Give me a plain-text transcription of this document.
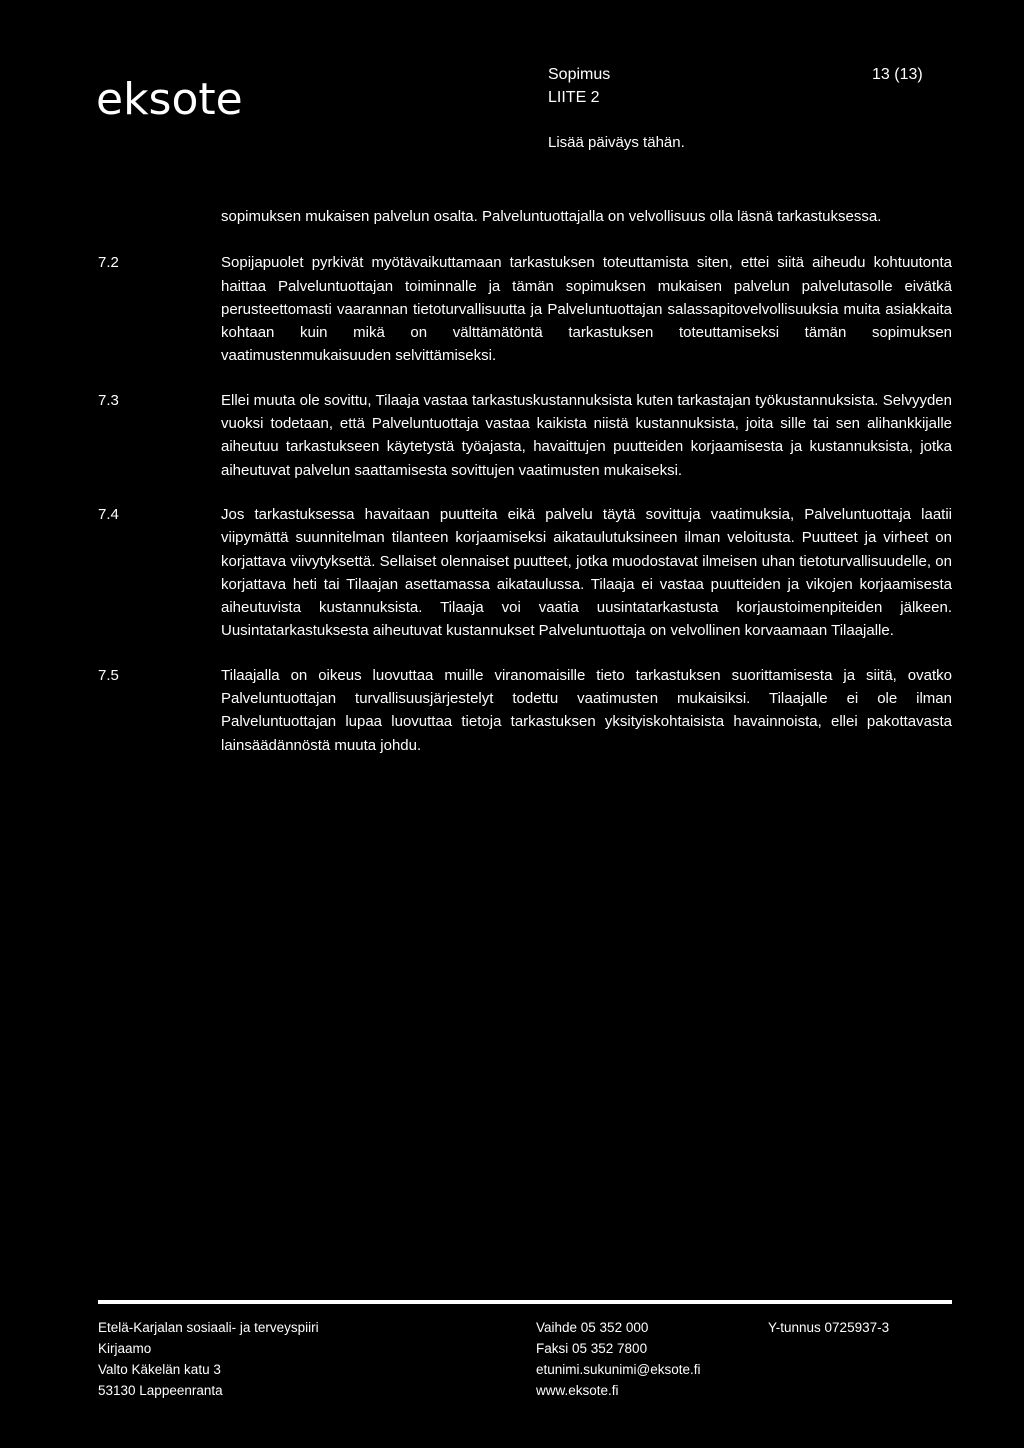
eksote	Sopimus
LIITE 2
13 (13)
Lisää päiväys tähän.
sopimuksen mukaisen palvelun osalta. Palveluntuottajalla on velvollisuus olla läsnä tarkastuksessa.
7.2	Sopijapuolet pyrkivät myötävaikuttamaan tarkastuksen toteuttamista siten, ettei siitä aiheudu kohtuutonta haittaa Palveluntuottajan toiminnalle ja tämän sopimuksen mukaisen palvelun palvelutasolle eivätkä perusteettomasti vaarannan tietoturvallisuutta ja Palveluntuottajan salassapitovelvollisuuksia muita asiakkaita kohtaan kuin mikä on välttämätöntä tarkastuksen toteuttamiseksi tämän sopimuksen vaatimustenmukaisuuden selvittämiseksi.
7.3	Ellei muuta ole sovittu, Tilaaja vastaa tarkastuskustannuksista kuten tarkastajan työkustannuksista. Selvyyden vuoksi todetaan, että Palveluntuottaja vastaa kaikista niistä kustannuksista, joita sille tai sen alihankkijalle aiheutuu tarkastukseen käytetystä työajasta, havaittujen puutteiden korjaamisesta ja kustannuksista, jotka aiheutuvat palvelun saattamisesta sovittujen vaatimusten mukaiseksi.
7.4	Jos tarkastuksessa havaitaan puutteita eikä palvelu täytä sovittuja vaatimuksia, Palveluntuottaja laatii viipymättä suunnitelman tilanteen korjaamiseksi aikataulutuksineen ilman veloitusta. Puutteet ja virheet on korjattava viivytyksettä. Sellaiset olennaiset puutteet, jotka muodostavat ilmeisen uhan tietoturvallisuudelle, on korjattava heti tai Tilaajan asettamassa aikataulussa. Tilaaja ei vastaa puutteiden ja vikojen korjaamisesta aiheutuvista kustannuksista. Tilaaja voi vaatia uusintatarkastusta korjaustoimenpiteiden jälkeen. Uusintatarkastuksesta aiheutuvat kustannukset Palveluntuottaja on velvollinen korvaamaan Tilaajalle.
7.5	Tilaajalla on oikeus luovuttaa muille viranomaisille tieto tarkastuksen suorittamisesta ja siitä, ovatko Palveluntuottajan turvallisuusjärjestelyt todettu vaatimusten mukaisiksi. Tilaajalle ei ole ilman Palveluntuottajan lupaa luovuttaa tietoja tarkastuksen yksityiskohtaisista havainnoista, ellei pakottavasta lainsäädännöstä muuta johdu.
Etelä-Karjalan sosiaali- ja terveyspiiri
Kirjaamo
Valto Käkelän katu 3
53130 Lappeenranta
Vaihde 05 352 000
Faksi 05 352 7800
etunimi.sukunimi@eksote.fi
www.eksote.fi
Y-tunnus 0725937-3
